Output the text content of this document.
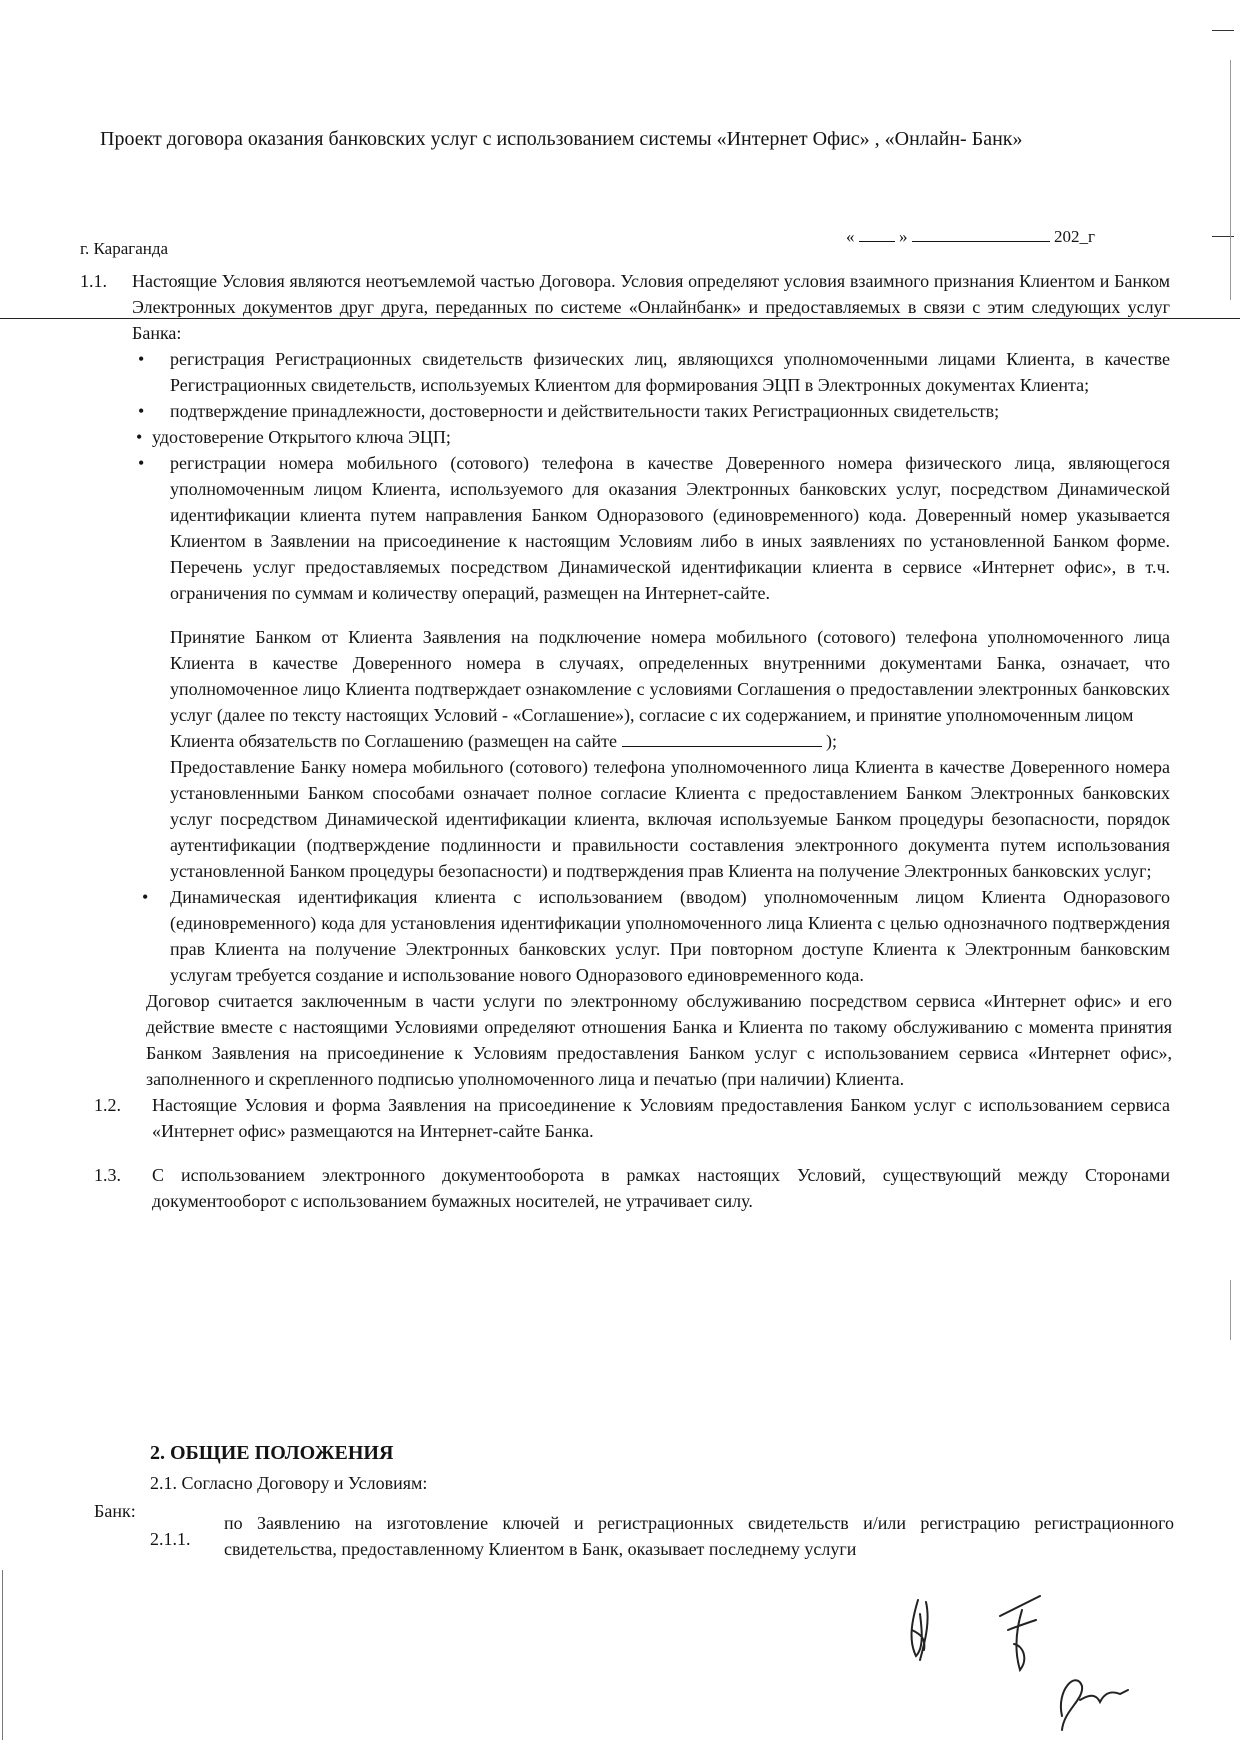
Проект договора оказания банковских услуг с использованием системы «Интернет Офис» , «Онлайн- Банк»
г. Караганда
«	»	202_г
1.1. Настоящие Условия являются неотъемлемой частью Договора. Условия определяют условия взаимного признания Клиентом и Банком Электронных документов друг друга, переданных по системе «Онлайнбанк» и предоставляемых в связи с этим следующих услуг Банка:
• регистрация Регистрационных свидетельств физических лиц, являющихся уполномоченными лицами Клиента, в качестве Регистрационных свидетельств, используемых Клиентом для формирования ЭЦП в Электронных документах Клиента;
• подтверждение принадлежности, достоверности и действительности таких Регистрационных свидетельств;
• удостоверение Открытого ключа ЭЦП;
• регистрации номера мобильного (сотового) телефона в качестве Доверенного номера физического лица, являющегося уполномоченным лицом Клиента, используемого для оказания Электронных банковских услуг, посредством Динамической идентификации клиента путем направления Банком Одноразового (единовременного) кода. Доверенный номер указывается Клиентом в Заявлении на присоединение к настоящим Условиям либо в иных заявлениях по установленной Банком форме. Перечень услуг предоставляемых посредством Динамической идентификации клиента в сервисе «Интернет офис», в т.ч. ограничения по суммам и количеству операций, размещен на Интернет-сайте.
Принятие Банком от Клиента Заявления на подключение номера мобильного (сотового) телефона уполномоченного лица Клиента в качестве Доверенного номера в случаях, определенных внутренними документами Банка, означает, что уполномоченное лицо Клиента подтверждает ознакомление с условиями Соглашения о предоставлении электронных банковских услуг (далее по тексту настоящих Условий - «Соглашение»), согласие с их содержанием, и принятие уполномоченным лицом
Клиента обязательств по Соглашению (размещен на сайте	);
Предоставление Банку номера мобильного (сотового) телефона уполномоченного лица Клиента в качестве Доверенного номера установленными Банком способами означает полное согласие Клиента с предоставлением Банком Электронных банковских услуг посредством Динамической идентификации клиента, включая используемые Банком процедуры безопасности, порядок аутентификации (подтверждение подлинности и правильности составления электронного документа путем использования установленной Банком процедуры безопасности) и подтверждения прав Клиента на получение Электронных банковских услуг;
• Динамическая идентификация клиента с использованием (вводом) уполномоченным лицом Клиента Одноразового (единовременного) кода для установления идентификации уполномоченного лица Клиента с целью однозначного подтверждения прав Клиента на получение Электронных банковских услуг. При повторном доступе Клиента к Электронным банковским услугам требуется создание и использование нового Одноразового единовременного кода.
Договор считается заключенным в части услуги по электронному обслуживанию посредством сервиса «Интернет офис» и его действие вместе с настоящими Условиями определяют отношения Банка и Клиента по такому обслуживанию с момента принятия Банком Заявления на присоединение к Условиям предоставления Банком услуг с использованием сервиса «Интернет офис», заполненного и скрепленного подписью уполномоченного лица и печатью (при наличии) Клиента.
1.2. Настоящие Условия и форма Заявления на присоединение к Условиям предоставления Банком услуг с использованием сервиса «Интернет офис» размещаются на Интернет-сайте Банка.
1.3. С использованием электронного документооборота в рамках настоящих Условий, существующий между Сторонами документооборот с использованием бумажных носителей, не утрачивает силу.
2. ОБЩИЕ ПОЛОЖЕНИЯ
2.1. Согласно Договору и Условиям:
Банк:
2.1.1.
по Заявлению на изготовление ключей и регистрационных свидетельств и/или регистрацию регистрационного свидетельства, предоставленному Клиентом в Банк, оказывает последнему услуги
